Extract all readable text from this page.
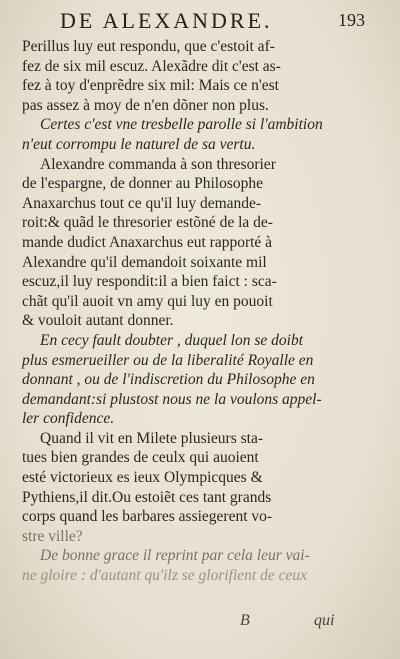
DE ALEXANDRE.	193
Perillus luy eut respondu, que c'estoit af-
fez de six mil escuz. Alexãdre dit c'est as-
fez à toy d'enprẽdre six mil: Mais ce n'est
pas assez à moy de n'en dõner non plus.
Certes c'est vne tresbelle parolle si l'ambition
n'eut corrompu le naturel de sa vertu.
Alexandre commanda à son thresorier
de l'espargne, de donner au Philosophe
Anaxarchus tout ce qu'il luy demande-
roit:& quãd le thresorier estõné de la de-
mande dudict Anaxarchus eut rapporté à
Alexandre qu'il demandoit soixante mil
escuz,il luy respondit:il a bien faict : sca-
chãt qu'il auoit vn amy qui luy en pouoit
& vouloit autant donner.
En cecy fault doubter , duquel lon se doibt
plus esmerueiller ou de la liberalité Royalle en
donnant , ou de l'indiscretion du Philosophe en
demandant:si plustost nous ne la voulons appel-
ler confidence.
Quand il vit en Milete plusieurs sta-
tues bien grandes de ceulx qui auoient
esté victorieux es ieux Olympicques &
Pythiens,il dit.Ou estoiẽt ces tant grands
corps quand les barbares assiegerent vo-
stre ville?
De bonne grace il reprint par cela leur vai-
ne gloire : d'autant qu'ilz se glorifient de ceux
B	qui
